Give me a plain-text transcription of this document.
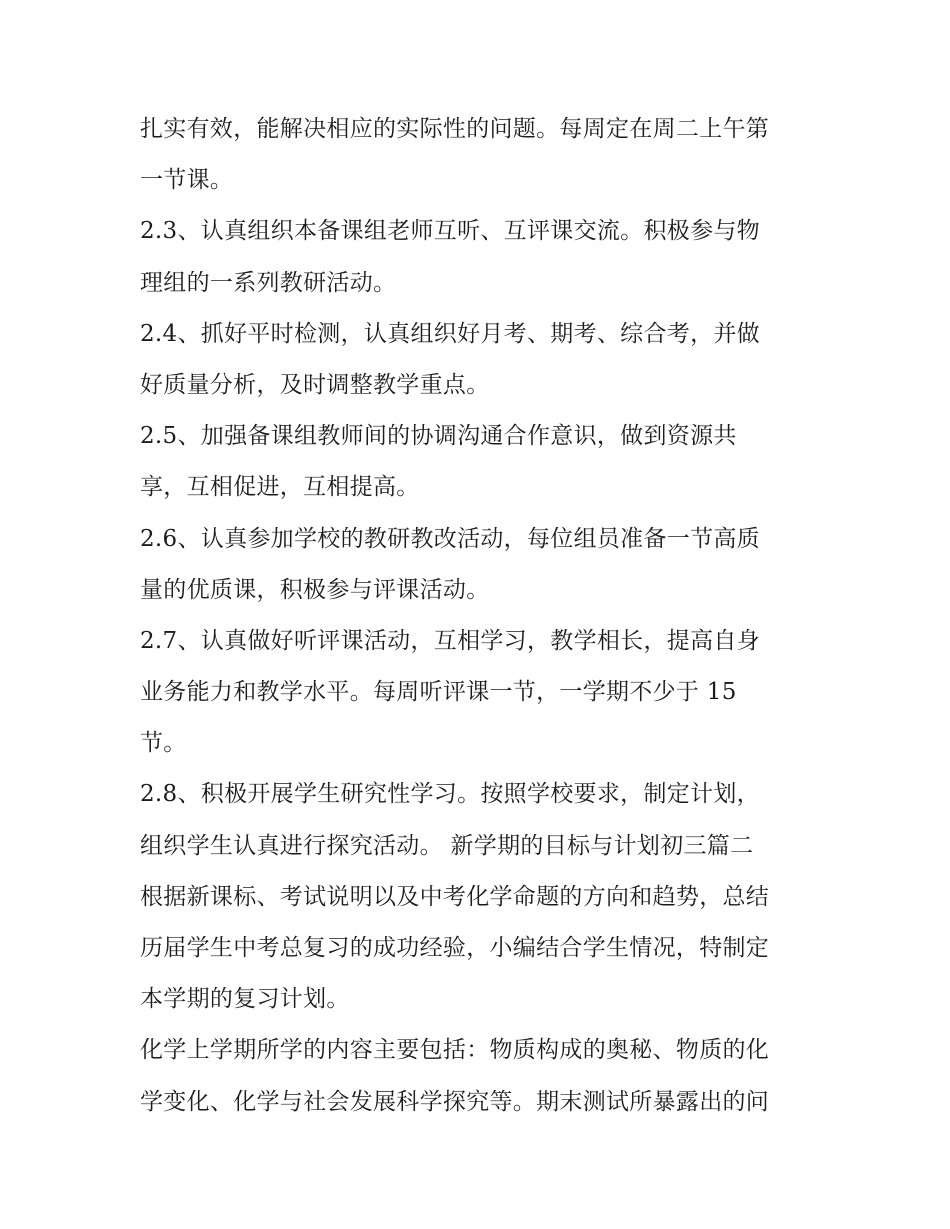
扎实有效，能解决相应的实际性的问题。每周定在周二上午第
一节课。
2.3、认真组织本备课组老师互听、互评课交流。积极参与物
理组的一系列教研活动。
2.4、抓好平时检测，认真组织好月考、期考、综合考，并做
好质量分析，及时调整教学重点。
2.5、加强备课组教师间的协调沟通合作意识，做到资源共
享，互相促进，互相提高。
2.6、认真参加学校的教研教改活动，每位组员准备一节高质
量的优质课，积极参与评课活动。
2.7、认真做好听评课活动，互相学习，教学相长，提高自身
业务能力和教学水平。每周听评课一节，一学期不少于 15
节。
2.8、积极开展学生研究性学习。按照学校要求，制定计划，
组织学生认真进行探究活动。 新学期的目标与计划初三篇二
根据新课标、考试说明以及中考化学命题的方向和趋势，总结
历届学生中考总复习的成功经验，小编结合学生情况，特制定
本学期的复习计划。
化学上学期所学的内容主要包括：物质构成的奥秘、物质的化
学变化、化学与社会发展科学探究等。期末测试所暴露出的问
